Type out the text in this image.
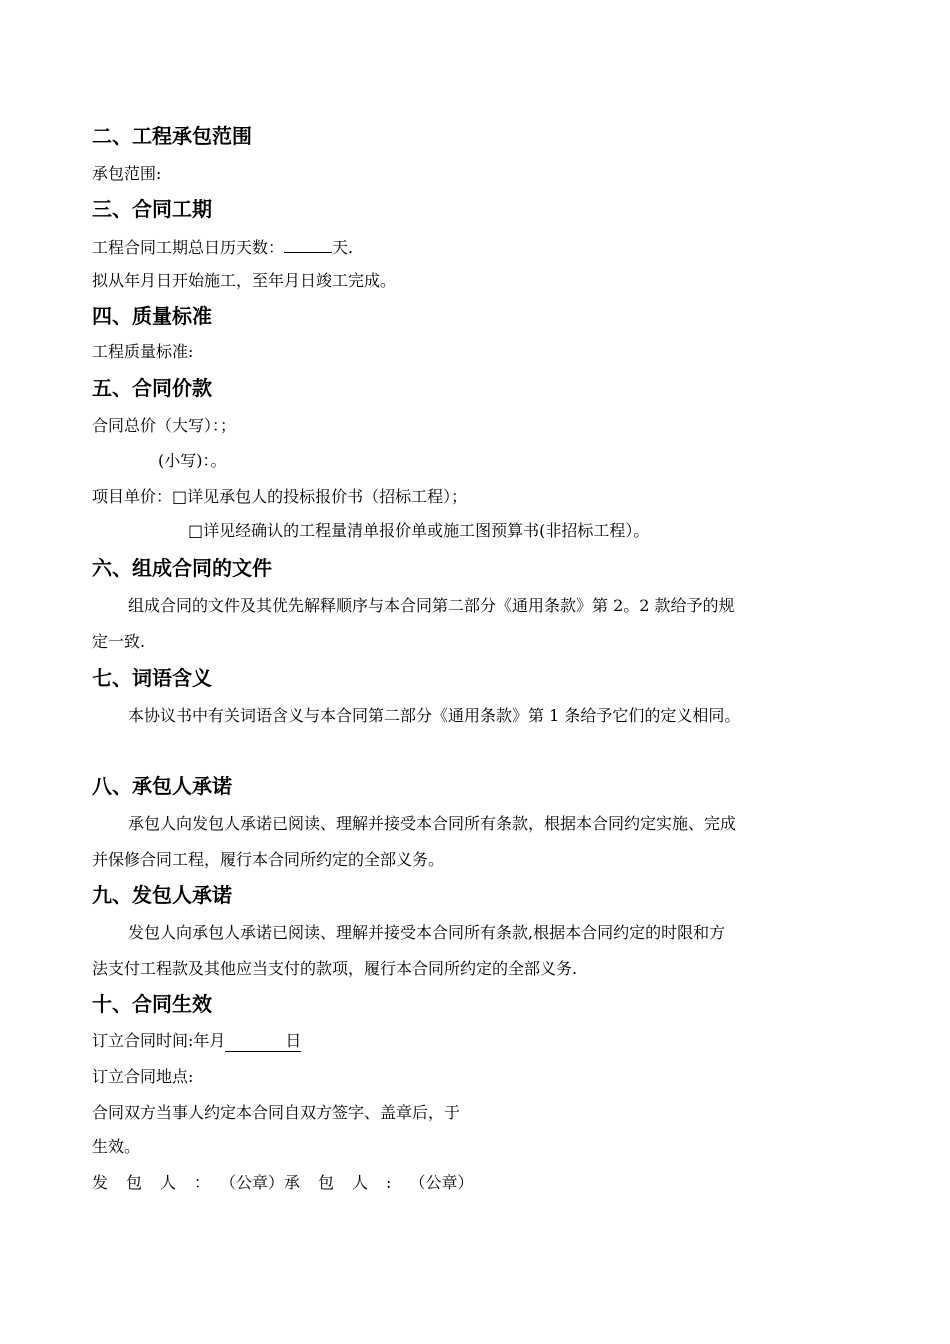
二、工程承包范围
承包范围:
三、合同工期
工程合同工期总日历天数：	天.
拟从年月日开始施工，至年月日竣工完成。
四、质量标准
工程质量标准:
五、合同价款
合同总价（大写）：；
(小写)：。
项目单价：□详见承包人的投标报价书（招标工程）；
□详见经确认的工程量清单报价单或施工图预算书(非招标工程）。
六、组成合同的文件
组成合同的文件及其优先解释顺序与本合同第二部分《通用条款》第 2。2 款给予的规
定一致.
七、词语含义
本协议书中有关词语含义与本合同第二部分《通用条款》第 1 条给予它们的定义相同。
八、承包人承诺
承包人向发包人承诺已阅读、理解并接受本合同所有条款，根据本合同约定实施、完成
并保修合同工程，履行本合同所约定的全部义务。
九、发包人承诺
发包人向承包人承诺已阅读、理解并接受本合同所有条款,根据本合同约定的时限和方
法支付工程款及其他应当支付的款项，履行本合同所约定的全部义务.
十、合同生效
订立合同时间:年月	日
订立合同地点:
合同双方当事人约定本合同自双方签字、盖章后，于
生效。
发包人：（公章）承包人:（公章）
